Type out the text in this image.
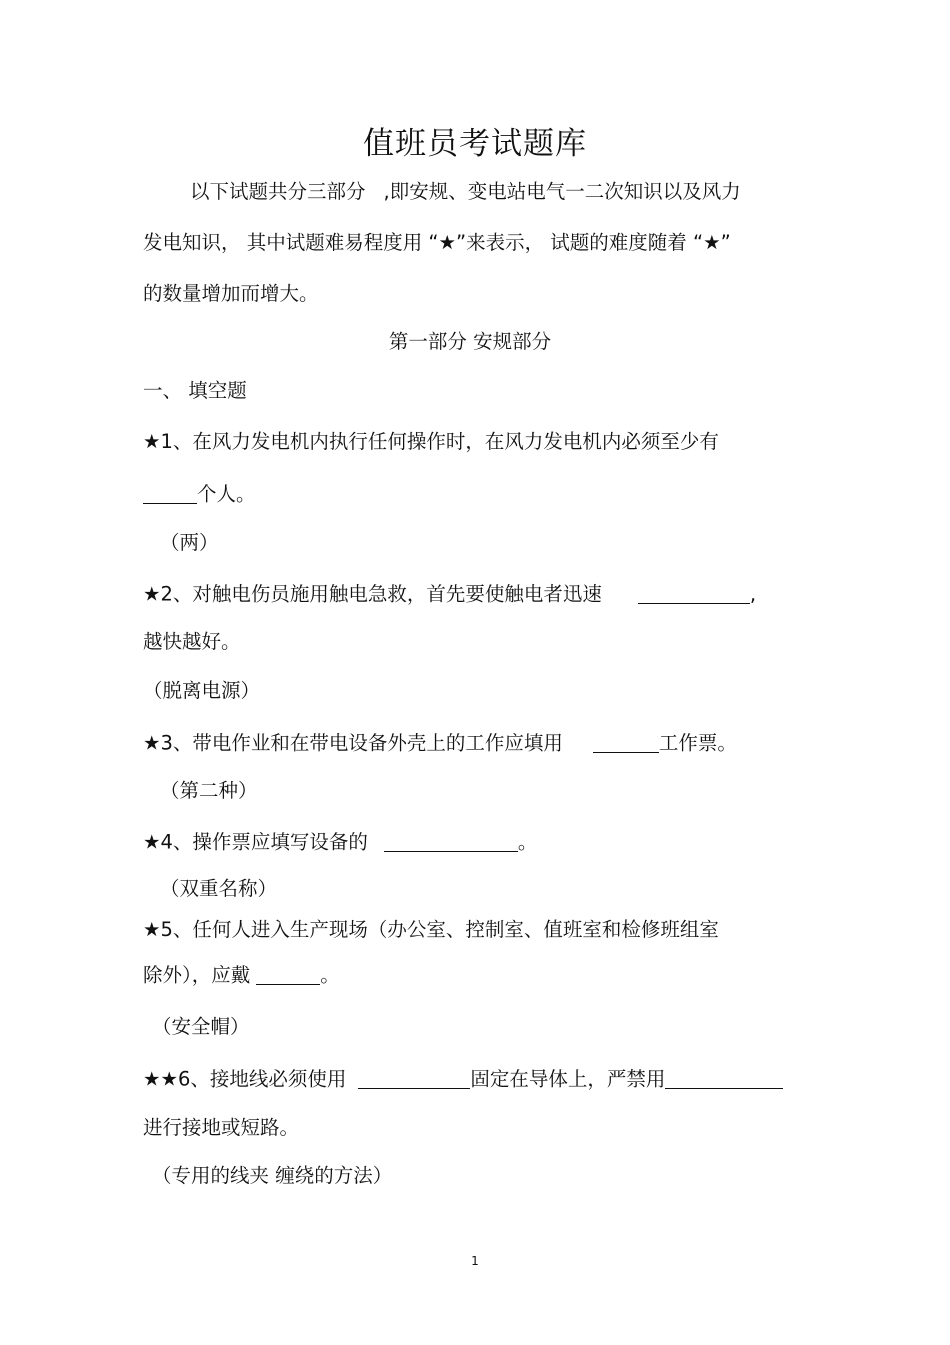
值班员考试题库
以下试题共分三部分 ,即安规、变电站电气一二次知识以及风力
发电知识， 其中试题难易程度用 “★”来表示， 试题的难度随着 “★”
的数量增加而增大。
第一部分 安规部分
一、 填空题
★1、在风力发电机内执行任何操作时，在风力发电机内必须至少有
个人。
（两）
★2、对触电伤员施用触电急救，首先要使触电者迅速	,
越快越好。
（脱离电源）
★3、带电作业和在带电设备外壳上的工作应填用	工作票。
（第二种）
★4、操作票应填写设备的	。
（双重名称）
★5、任何人进入生产现场（办公室、控制室、值班室和检修班组室
除外），应戴	。
（安全帽）
★★6、接地线必须使用	固定在导体上，严禁用
进行接地或短路。
（专用的线夹 缠绕的方法）
1
